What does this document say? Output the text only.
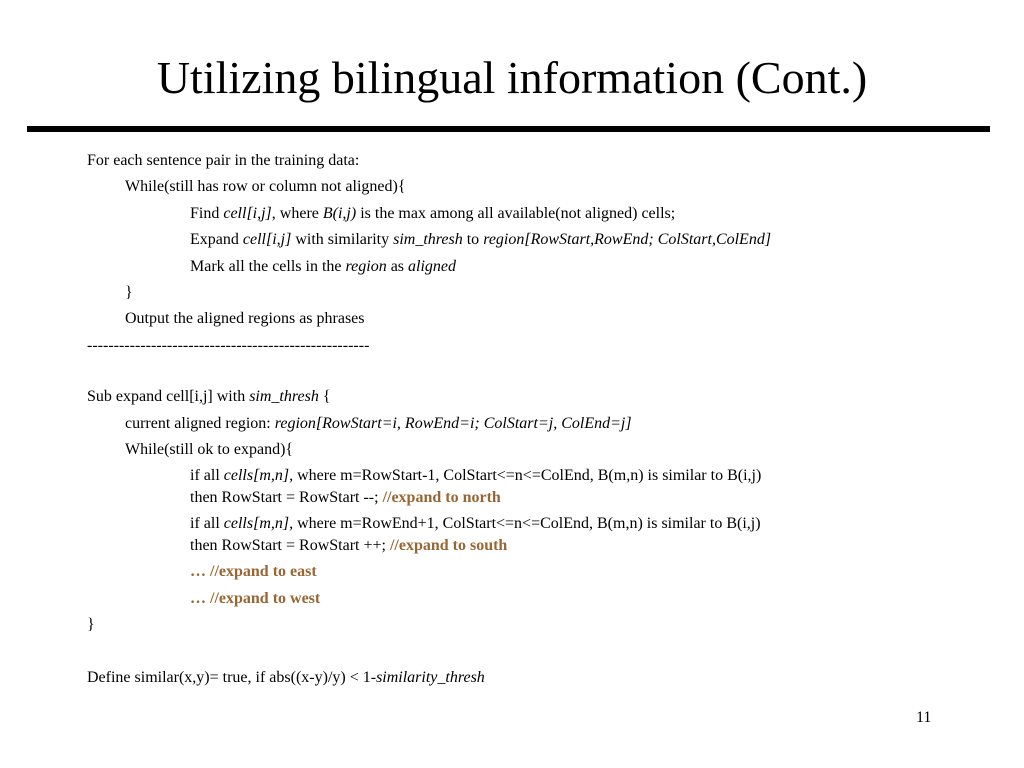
Utilizing bilingual information (Cont.)
For each sentence pair in the training data:
While(still has row or column not aligned){
Find cell[i,j], where B(i,j) is the max among all available(not aligned) cells;
Expand cell[i,j] with similarity sim_thresh to region[RowStart,RowEnd; ColStart,ColEnd]
Mark all the cells in the region as aligned
}
Output the aligned regions as phrases
-----------------------------------------------------
Sub expand cell[i,j] with sim_thresh {
current aligned region: region[RowStart=i, RowEnd=i; ColStart=j, ColEnd=j]
While(still ok to expand){
if all cells[m,n], where m=RowStart-1, ColStart<=n<=ColEnd, B(m,n) is similar to B(i,j)
then RowStart = RowStart --; //expand to north
if all cells[m,n], where m=RowEnd+1, ColStart<=n<=ColEnd, B(m,n) is similar to B(i,j)
then RowStart = RowStart ++; //expand to south
… //expand to east
… //expand to west
}
Define similar(x,y)= true, if abs((x-y)/y) < 1-similarity_thresh
11
